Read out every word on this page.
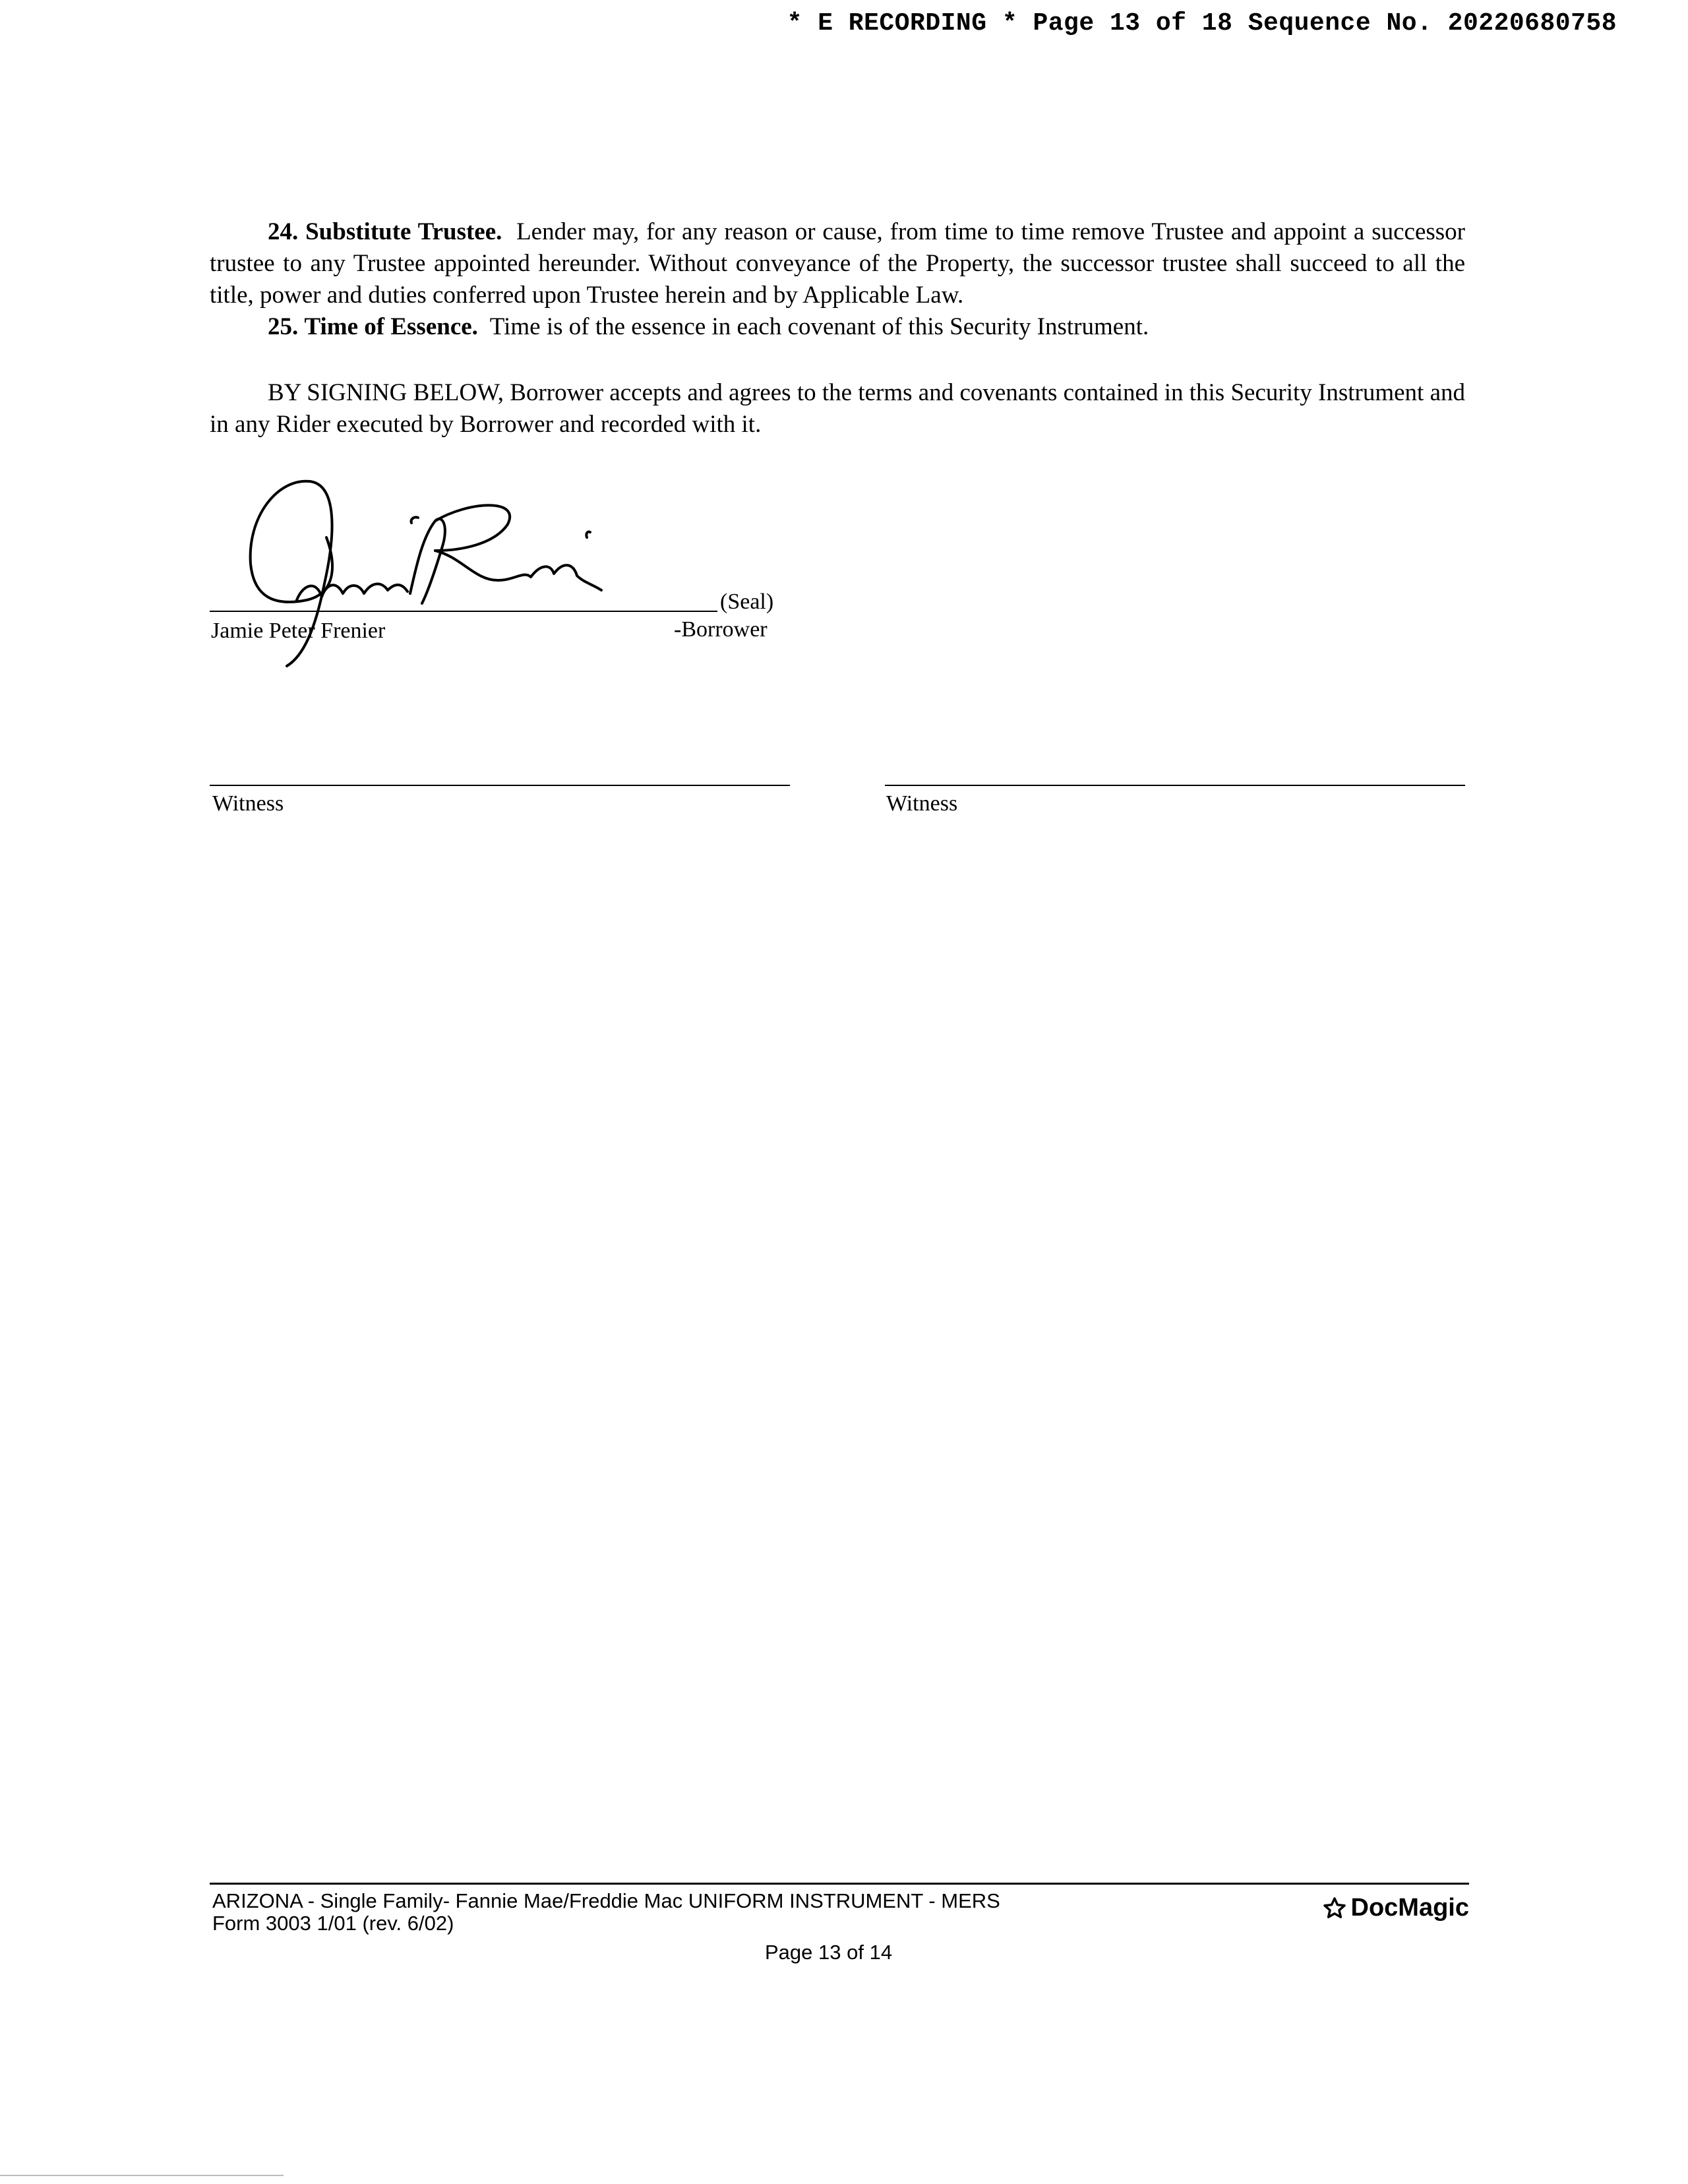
* E RECORDING * Page 13 of 18 Sequence No. 20220680758

24. Substitute Trustee. Lender may, for any reason or cause, from time to time remove Trustee and appoint a successor trustee to any Trustee appointed hereunder. Without conveyance of the Property, the successor trustee shall succeed to all the title, power and duties conferred upon Trustee herein and by Applicable Law.

25. Time of Essence. Time is of the essence in each covenant of this Security Instrument.

BY SIGNING BELOW, Borrower accepts and agrees to the terms and covenants contained in this Security Instrument and in any Rider executed by Borrower and recorded with it.

(Seal)
Jamie Peter Frenier	-Borrower
Witness	Witness
ARIZONA - Single Family- Fannie Mae/Freddie Mac UNIFORM INSTRUMENT - MERS
Form 3003 1/01 (rev. 6/02)
Page 13 of 14
DocMagic
